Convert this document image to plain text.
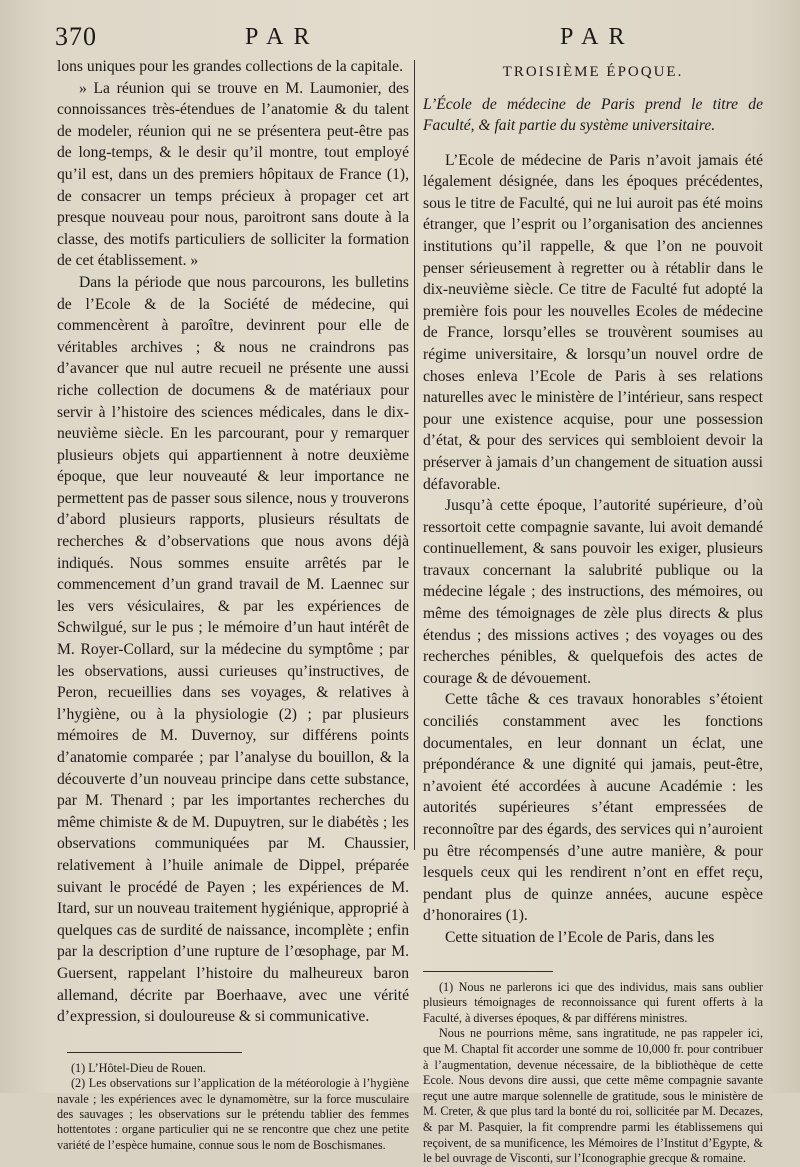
370	PAR	PAR

lons uniques pour les grandes collections de la capitale.

» La réunion qui se trouve en M. Laumonier, des connoissances très-étendues de l’anatomie & du talent de modeler, réunion qui ne se présentera peut-être pas de long-temps, & le desir qu’il montre, tout employé qu’il est, dans un des premiers hôpitaux de France (1), de consacrer un temps précieux à propager cet art presque nouveau pour nous, paroitront sans doute à la classe, des motifs particuliers de solliciter la formation de cet établissement. »

Dans la période que nous parcourons, les bulletins de l’Ecole & de la Société de médecine, qui commencèrent à paroître, devinrent pour elle de véritables archives ; & nous ne craindrons pas d’avancer que nul autre recueil ne présente une aussi riche collection de documens & de matériaux pour servir à l’histoire des sciences médicales, dans le dix-neuvième siècle. En les parcourant, pour y remarquer plusieurs objets qui appartiennent à notre deuxième époque, que leur nouveauté & leur importance ne permettent pas de passer sous silence, nous y trouverons d’abord plusieurs rapports, plusieurs résultats de recherches & d’observations que nous avons déjà indiqués. Nous sommes ensuite arrêtés par le commencement d’un grand travail de M. Laennec sur les vers vésiculaires, & par les expériences de Schwilgué, sur le pus ; le mémoire d’un haut intérêt de M. Royer-Collard, sur la médecine du symptôme ; par les observations, aussi curieuses qu’instructives, de Peron, recueillies dans ses voyages, & relatives à l’hygiène, ou à la physiologie (2) ; par plusieurs mémoires de M. Duvernoy, sur différens points d’anatomie comparée ; par l’analyse du bouillon, & la découverte d’un nouveau principe dans cette substance, par M. Thenard ; par les importantes recherches du même chimiste & de M. Dupuytren, sur le diabétès ; les observations communiquées par M. Chaussier, relativement à l’huile animale de Dippel, préparée suivant le procédé de Payen ; les expériences de M. Itard, sur un nouveau traitement hygiénique, approprié à quelques cas de surdité de naissance, incomplète ; enfin par la description d’une rupture de l’œsophage, par M. Guersent, rappelant l’histoire du malheureux baron allemand, décrite par Boerhaave, avec une vérité d’expression, si douloureuse & si communicative.

(1) L’Hôtel-Dieu de Rouen.

(2) Les observations sur l’application de la météorologie à l’hygiène navale ; les expériences avec le dynamomètre, sur la force musculaire des sauvages ; les observations sur le prétendu tablier des femmes hottentotes : organe particulier qui ne se rencontre que chez une petite variété de l’espèce humaine, connue sous le nom de Boschismanes.

TROISIÈME ÉPOQUE.
L’École de médecine de Paris prend le titre de Faculté, & fait partie du système universitaire.

L’Ecole de médecine de Paris n’avoit jamais été légalement désignée, dans les époques précédentes, sous le titre de Faculté, qui ne lui auroit pas été moins étranger, que l’esprit ou l’organisation des anciennes institutions qu’il rappelle, & que l’on ne pouvoit penser sérieusement à regretter ou à rétablir dans le dix-neuvième siècle. Ce titre de Faculté fut adopté la première fois pour les nouvelles Ecoles de médecine de France, lorsqu’elles se trouvèrent soumises au régime universitaire, & lorsqu’un nouvel ordre de choses enleva l’Ecole de Paris à ses relations naturelles avec le ministère de l’intérieur, sans respect pour une existence acquise, pour une possession d’état, & pour des services qui sembloient devoir la préserver à jamais d’un changement de situation aussi défavorable.

Jusqu’à cette époque, l’autorité supérieure, d’où ressortoit cette compagnie savante, lui avoit demandé continuellement, & sans pouvoir les exiger, plusieurs travaux concernant la salubrité publique ou la médecine légale ; des instructions, des mémoires, ou même des témoignages de zèle plus directs & plus étendus ; des missions actives ; des voyages ou des recherches pénibles, & quelquefois des actes de courage & de dévouement.

Cette tâche & ces travaux honorables s’étoient conciliés constamment avec les fonctions documentales, en leur donnant un éclat, une prépondérance & une dignité qui jamais, peut-être, n’avoient été accordées à aucune Académie : les autorités supérieures s’étant empressées de reconnoître par des égards, des services qui n’auroient pu être récompensés d’une autre manière, & pour lesquels ceux qui les rendirent n’ont en effet reçu, pendant plus de quinze années, aucune espèce d’honoraires (1).

Cette situation de l’Ecole de Paris, dans les

(1) Nous ne parlerons ici que des individus, mais sans oublier plusieurs témoignages de reconnoissance qui furent offerts à la Faculté, à diverses époques, & par différens ministres.

Nous ne pourrions même, sans ingratitude, ne pas rappeler ici, que M. Chaptal fit accorder une somme de 10,000 fr. pour contribuer à l’augmentation, devenue nécessaire, de la bibliothèque de cette Ecole. Nous devons dire aussi, que cette même compagnie savante reçut une autre marque solennelle de gratitude, sous le ministère de M. Creter, & que plus tard la bonté du roi, sollicitée par M. Decazes, & par M. Pasquier, la fit comprendre parmi les établissemens qui reçoivent, de sa munificence, les Mémoires de l’Institut d’Egypte, & le bel ouvrage de Visconti, sur l’Iconographie grecque & romaine.
